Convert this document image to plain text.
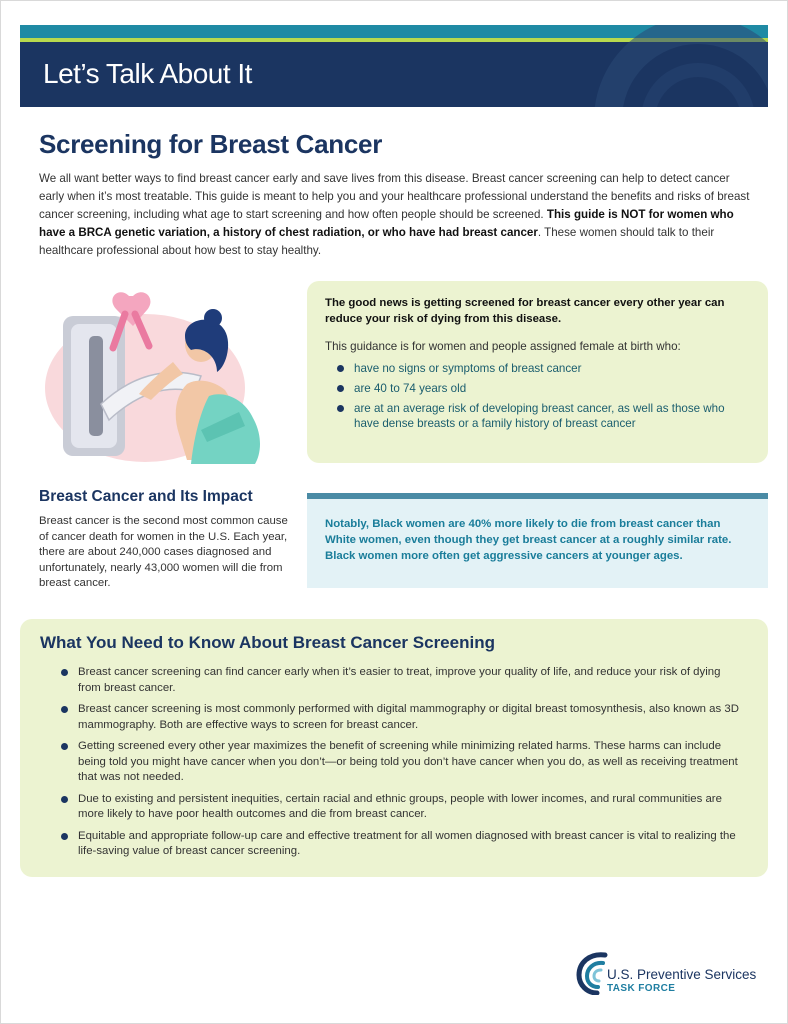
Let’s Talk About It
Screening for Breast Cancer

We all want better ways to find breast cancer early and save lives from this disease. Breast cancer screening can help to detect cancer early when it’s most treatable. This guide is meant to help you and your healthcare professional understand the benefits and risks of breast cancer screening, including what age to start screening and how often people should be screened. This guide is NOT for women who have a BRCA genetic variation, a history of chest radiation, or who have had breast cancer. These women should talk to their healthcare professional about how best to stay healthy.

The good news is getting screened for breast cancer every other year can reduce your risk of dying from this disease.

This guidance is for women and people assigned female at birth who:

have no signs or symptoms of breast cancer
are 40 to 74 years old
are at an average risk of developing breast cancer, as well as those who have dense breasts or a family history of breast cancer
Breast Cancer and Its Impact

Breast cancer is the second most common cause of cancer death for women in the U.S. Each year, there are about 240,000 cases diagnosed and unfortunately, nearly 43,000 women will die from breast cancer.

Notably, Black women are 40% more likely to die from breast cancer than White women, even though they get breast cancer at a roughly similar rate. Black women more often get aggressive cancers at younger ages.

What You Need to Know About Breast Cancer Screening
Breast cancer screening can find cancer early when it’s easier to treat, improve your quality of life, and reduce your risk of dying from breast cancer.
Breast cancer screening is most commonly performed with digital mammography or digital breast tomosynthesis, also known as 3D mammography. Both are effective ways to screen for breast cancer.
Getting screened every other year maximizes the benefit of screening while minimizing related harms. These harms can include being told you might have cancer when you don’t—or being told you don’t have cancer when you do, as well as receiving treatment that was not needed.
Due to existing and persistent inequities, certain racial and ethnic groups, people with lower incomes, and rural communities are more likely to have poor health outcomes and die from breast cancer.
Equitable and appropriate follow-up care and effective treatment for all women diagnosed with breast cancer is vital to realizing the life-saving value of breast cancer screening.
U.S. Preventive Services
TASK FORCE
